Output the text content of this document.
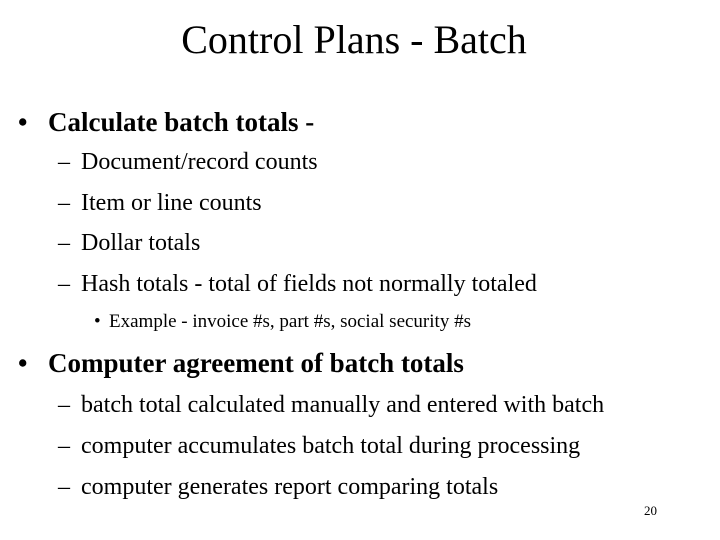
Control Plans - Batch
• Calculate batch totals -
– Document/record counts
– Item or line counts
– Dollar totals
– Hash totals - total of fields not normally totaled
• Example - invoice #s, part #s, social security #s
• Computer agreement of batch totals
– batch total calculated manually and entered with batch
– computer accumulates batch total during processing
– computer generates report comparing totals
20
